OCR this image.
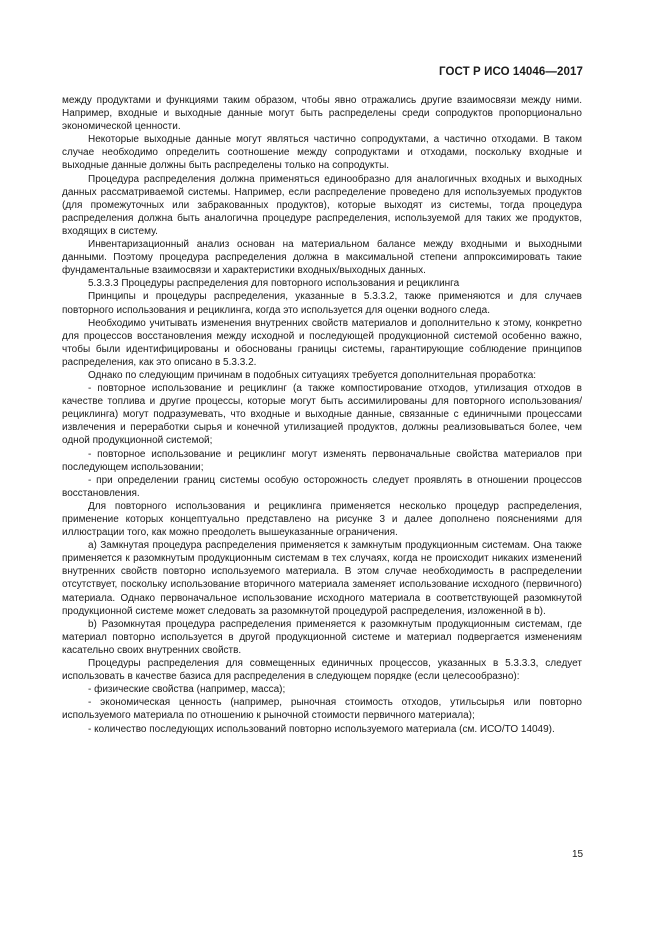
ГОСТ Р ИСО 14046—2017

между продуктами и функциями таким образом, чтобы явно отражались другие взаимосвязи между ними. Например, входные и выходные данные могут быть распределены среди сопродуктов пропорционально экономической ценности.

Некоторые выходные данные могут являться частично сопродуктами, а частично отходами. В таком случае необходимо определить соотношение между сопродуктами и отходами, поскольку входные и выходные данные должны быть распределены только на сопродукты.

Процедура распределения должна применяться единообразно для аналогичных входных и выходных данных рассматриваемой системы. Например, если распределение проведено для используемых продуктов (для промежуточных или забракованных продуктов), которые выходят из системы, тогда процедура распределения должна быть аналогична процедуре распределения, используемой для таких же продуктов, входящих в систему.

Инвентаризационный анализ основан на материальном балансе между входными и выходными данными. Поэтому процедура распределения должна в максимальной степени аппроксимировать такие фундаментальные взаимосвязи и характеристики входных/выходных данных.

5.3.3.3 Процедуры распределения для повторного использования и рециклинга

Принципы и процедуры распределения, указанные в 5.3.3.2, также применяются и для случаев повторного использования и рециклинга, когда это используется для оценки водного следа.

Необходимо учитывать изменения внутренних свойств материалов и дополнительно к этому, конкретно для процессов восстановления между исходной и последующей продукционной системой особенно важно, чтобы были идентифицированы и обоснованы границы системы, гарантирующие соблюдение принципов распределения, как это описано в 5.3.3.2.

Однако по следующим причинам в подобных ситуациях требуется дополнительная проработка:

- повторное использование и рециклинг (а также компостирование отходов, утилизация отходов в качестве топлива и другие процессы, которые могут быть ассимилированы для повторного использования/рециклинга) могут подразумевать, что входные и выходные данные, связанные с единичными процессами извлечения и переработки сырья и конечной утилизацией продуктов, должны реализовываться более, чем одной продукционной системой;

- повторное использование и рециклинг могут изменять первоначальные свойства материалов при последующем использовании;

- при определении границ системы особую осторожность следует проявлять в отношении процессов восстановления.

Для повторного использования и рециклинга применяется несколько процедур распределения, применение которых концептуально представлено на рисунке 3 и далее дополнено пояснениями для иллюстрации того, как можно преодолеть вышеуказанные ограничения.

a) Замкнутая процедура распределения применяется к замкнутым продукционным системам. Она также применяется к разомкнутым продукционным системам в тех случаях, когда не происходит никаких изменений внутренних свойств повторно используемого материала. В этом случае необходимость в распределении отсутствует, поскольку использование вторичного материала заменяет использование исходного (первичного) материала. Однако первоначальное использование исходного материала в соответствующей разомкнутой продукционной системе может следовать за разомкнутой процедурой распределения, изложенной в b).

b) Разомкнутая процедура распределения применяется к разомкнутым продукционным системам, где материал повторно используется в другой продукционной системе и материал подвергается изменениям касательно своих внутренних свойств.

Процедуры распределения для совмещенных единичных процессов, указанных в 5.3.3.3, следует использовать в качестве базиса для распределения в следующем порядке (если целесообразно):

- физические свойства (например, масса);

- экономическая ценность (например, рыночная стоимость отходов, утильсырья или повторно используемого материала по отношению к рыночной стоимости первичного материала);

- количество последующих использований повторно используемого материала (см. ИСО/ТО 14049).

15
